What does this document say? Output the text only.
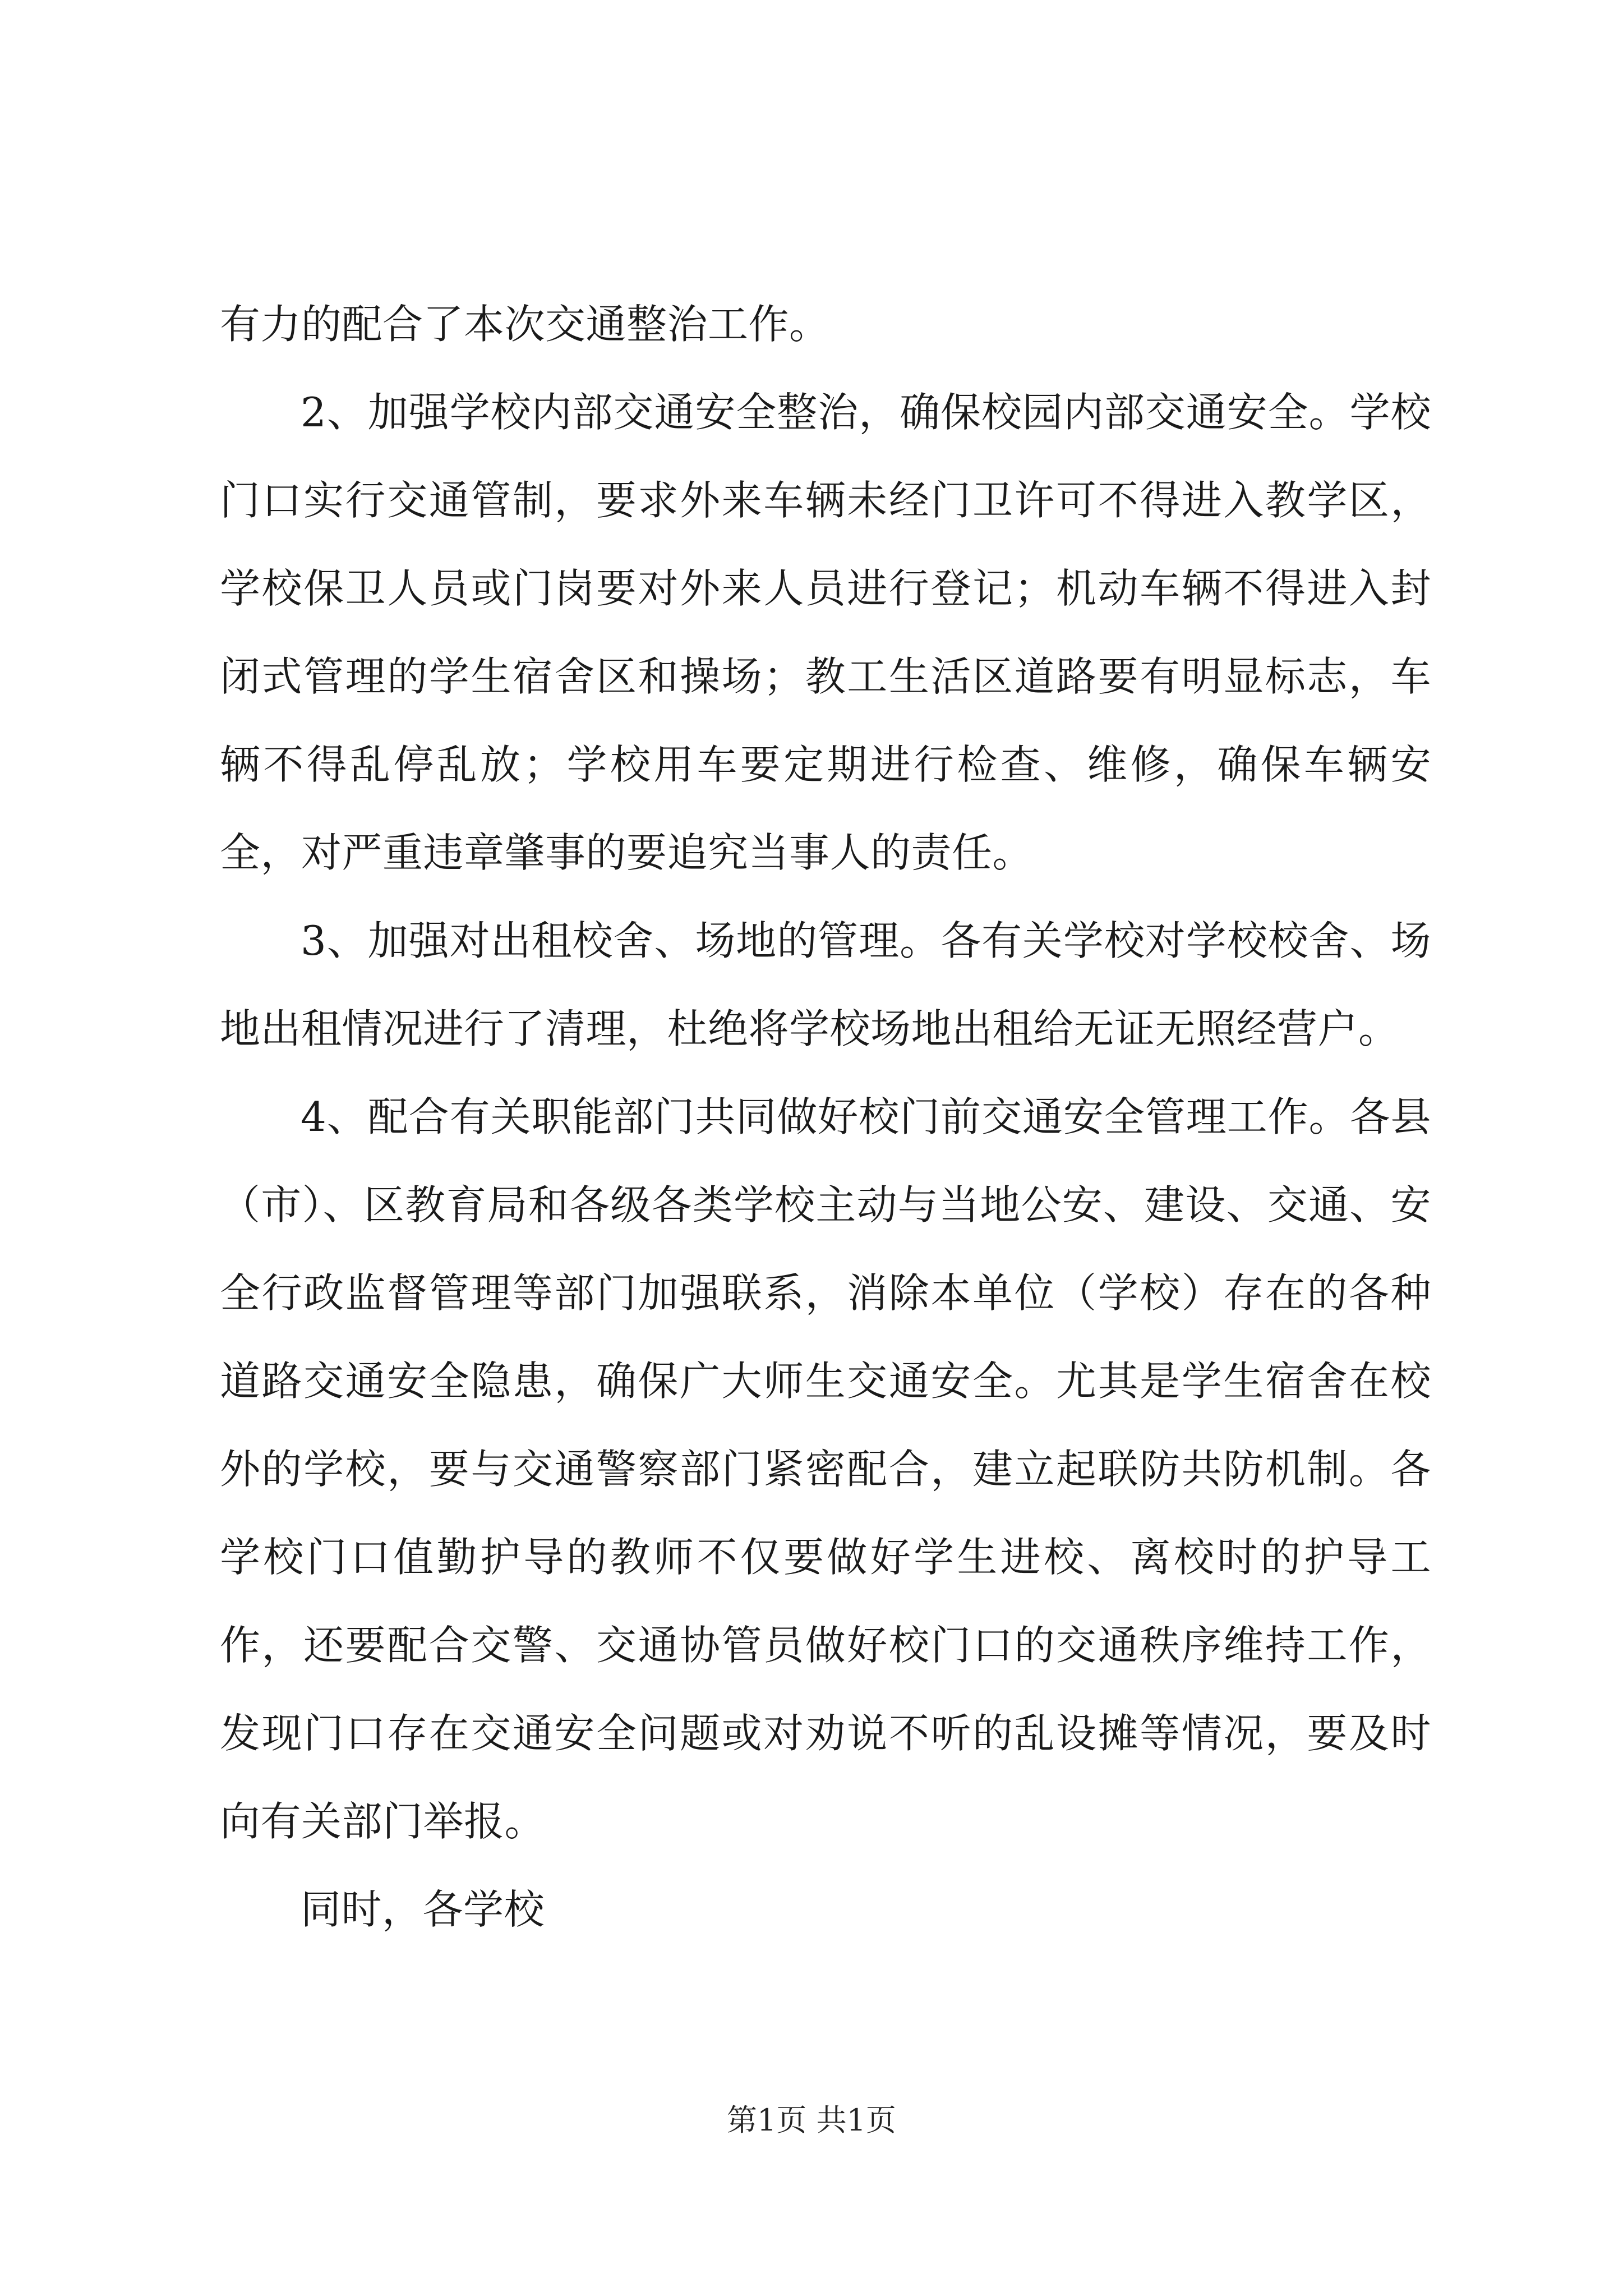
有力的配合了本次交通整治工作。

2、加强学校内部交通安全整治，确保校园内部交通安全。学校门口实行交通管制，要求外来车辆未经门卫许可不得进入教学区，学校保卫人员或门岗要对外来人员进行登记；机动车辆不得进入封闭式管理的学生宿舍区和操场；教工生活区道路要有明显标志，车辆不得乱停乱放；学校用车要定期进行检查、维修，确保车辆安全，对严重违章肇事的要追究当事人的责任。

3、加强对出租校舍、场地的管理。各有关学校对学校校舍、场地出租情况进行了清理，杜绝将学校场地出租给无证无照经营户。

4、配合有关职能部门共同做好校门前交通安全管理工作。各县（市）、区教育局和各级各类学校主动与当地公安、建设、交通、安全行政监督管理等部门加强联系，消除本单位（学校）存在的各种道路交通安全隐患，确保广大师生交通安全。尤其是学生宿舍在校外的学校，要与交通警察部门紧密配合，建立起联防共防机制。各学校门口值勤护导的教师不仅要做好学生进校、离校时的护导工作，还要配合交警、交通协管员做好校门口的交通秩序维持工作，发现门口存在交通安全问题或对劝说不听的乱设摊等情况，要及时向有关部门举报。

同时，各学校

第1页 共1页
